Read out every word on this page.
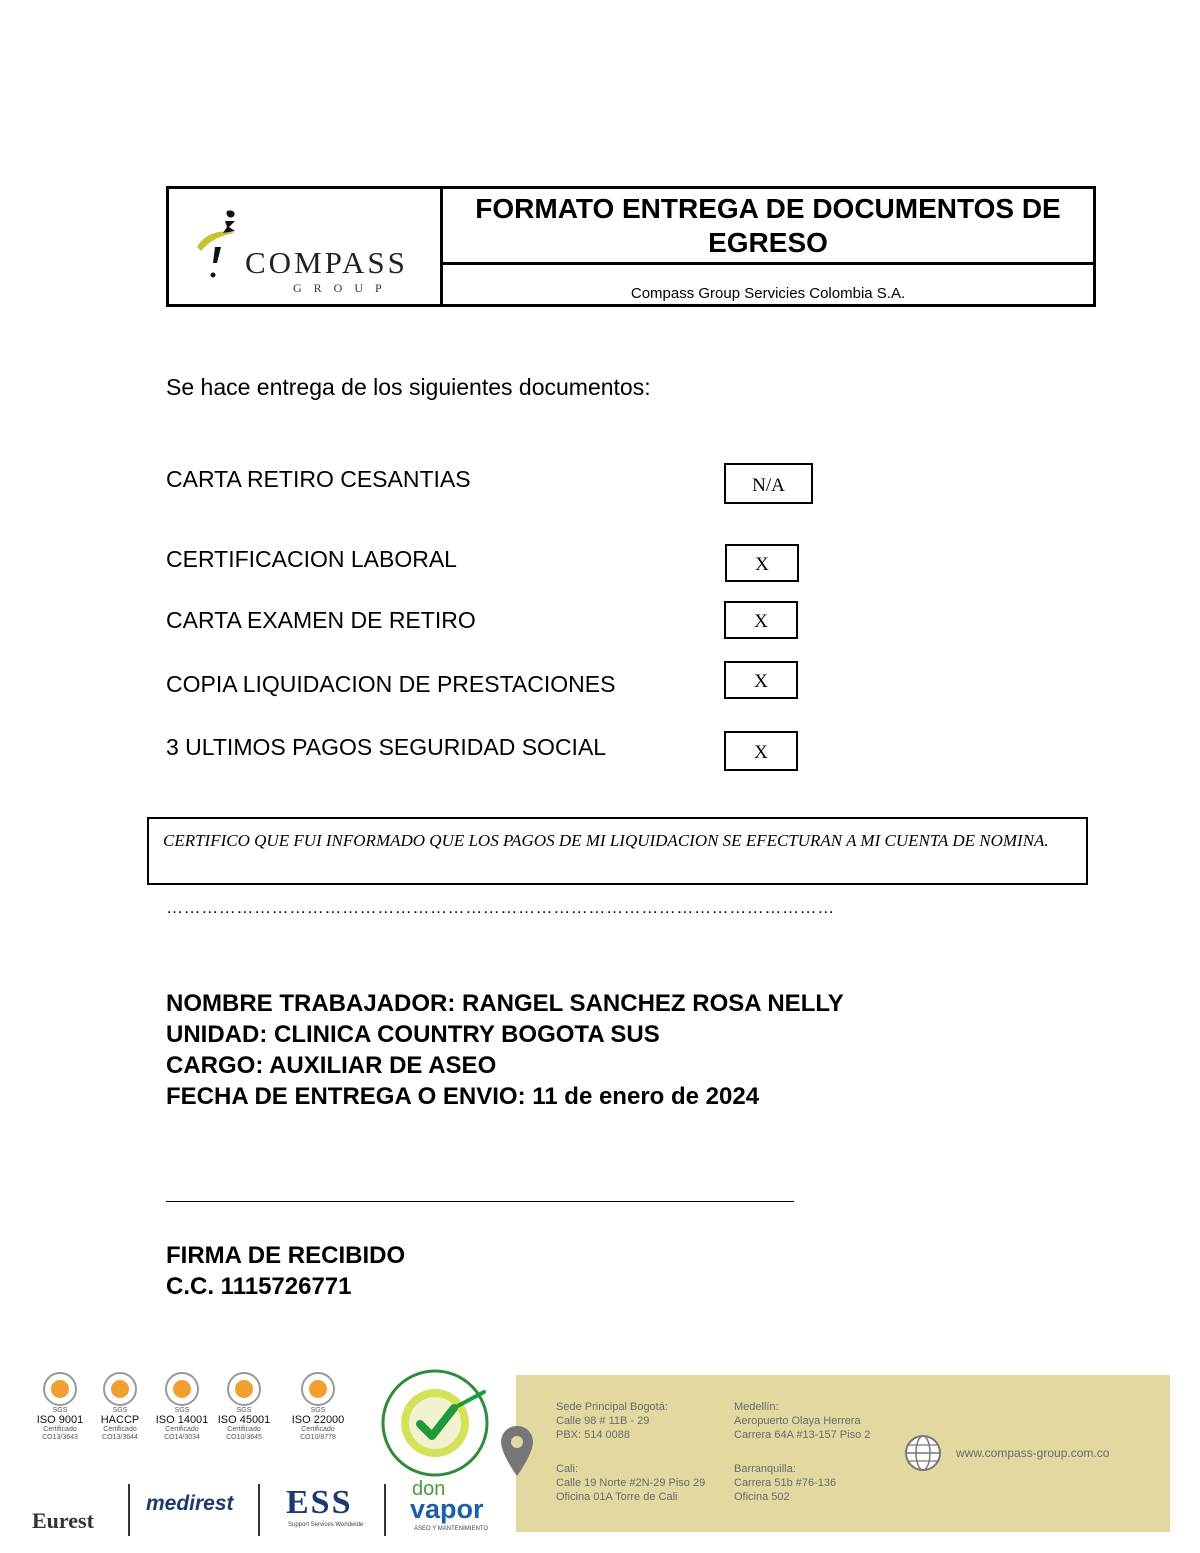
COMPASS
GROUP
FORMATO ENTREGA DE DOCUMENTOS DE EGRESO
Compass Group Servicies Colombia S.A.
Se hace entrega de los siguientes documentos:
CARTA RETIRO CESANTIAS	N/A
CERTIFICACION LABORAL	X
CARTA EXAMEN DE RETIRO	X
COPIA LIQUIDACION DE PRESTACIONES	X
3 ULTIMOS PAGOS SEGURIDAD SOCIAL	X
CERTIFICO QUE FUI INFORMADO QUE LOS PAGOS DE MI LIQUIDACION SE EFECTURAN A MI CUENTA DE NOMINA.
……………………………………………………………………………………………………
NOMBRE TRABAJADOR: RANGEL SANCHEZ ROSA NELLY
UNIDAD: CLINICA COUNTRY BOGOTA SUS
CARGO: AUXILIAR DE ASEO
FECHA DE ENTREGA O ENVIO: 11 de enero de 2024
FIRMA DE RECIBIDO
C.C. 1115726771
SGS
ISO 9001
Certificado
CO13/3643
SGS
HACCP
Certificado
CO13/3644
SGS
ISO 14001
Certificado
CO14/3034
SGS
ISO 45001
Certificado
CO10/3645
SGS
ISO 22000
Certificado
CO10/8778
Eurest
medirest ESS
Support Services Worldwide
don
vapor
ASEO Y MANTENIMIENTO
Sede Principal Bogotá:
Calle 98 # 11B - 29
PBX: 514 0088
Cali:
Calle 19 Norte #2N-29 Piso 29
Oficina 01A Torre de Cali
Medellín:
Aeropuerto Olaya Herrera
Carrera 64A #13-157 Piso 2
Barranquilla:
Carrera 51b #76-136
Oficina 502
www.compass-group.com.co
